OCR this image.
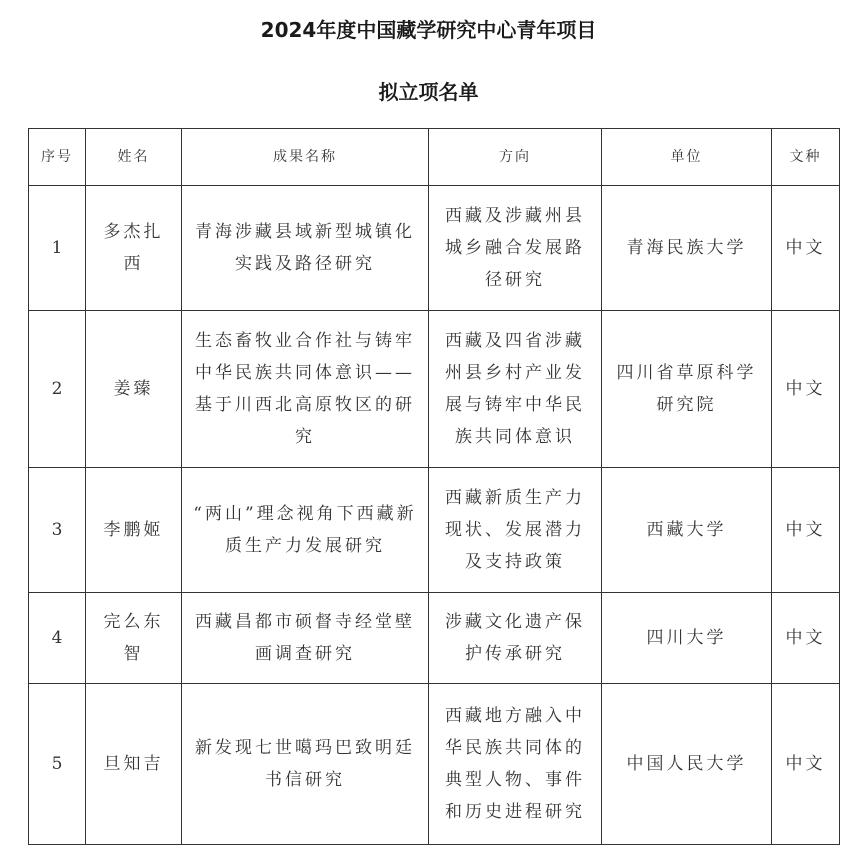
2024年度中国藏学研究中心青年项目
拟立项名单
序号	姓名	成果名称	方向	单位	文种
1	多杰扎西	青海涉藏县域新型城镇化实践及路径研究	西藏及涉藏州县城乡融合发展路径研究	青海民族大学	中文
2	姜臻	生态畜牧业合作社与铸牢中华民族共同体意识——基于川西北高原牧区的研究	西藏及四省涉藏州县乡村产业发展与铸牢中华民族共同体意识	四川省草原科学研究院	中文
3	李鹏姬	“两山”理念视角下西藏新质生产力发展研究	西藏新质生产力现状、发展潜力及支持政策	西藏大学	中文
4	完么东智	西藏昌都市硕督寺经堂壁画调查研究	涉藏文化遗产保护传承研究	四川大学	中文
5	旦知吉	新发现七世噶玛巴致明廷书信研究	西藏地方融入中华民族共同体的典型人物、事件和历史进程研究	中国人民大学	中文
